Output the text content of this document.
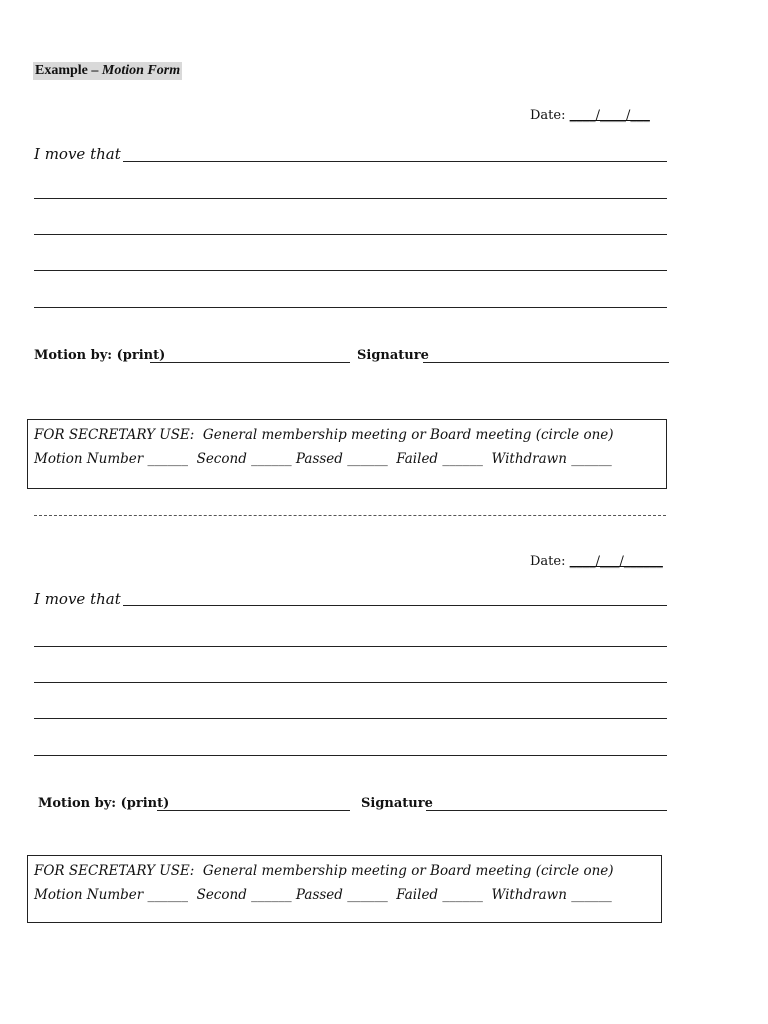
Example – Motion Form
Date: ____/____/___
I move that
Motion by: (print)	Signature
FOR SECRETARY USE:  General membership meeting or Board meeting (circle one)
Motion Number ______  Second ______ Passed ______  Failed ______  Withdrawn ______
Date: ____/___/______
I move that
Motion by: (print)	Signature
FOR SECRETARY USE:  General membership meeting or Board meeting (circle one)
Motion Number ______  Second ______ Passed ______  Failed ______  Withdrawn ______
